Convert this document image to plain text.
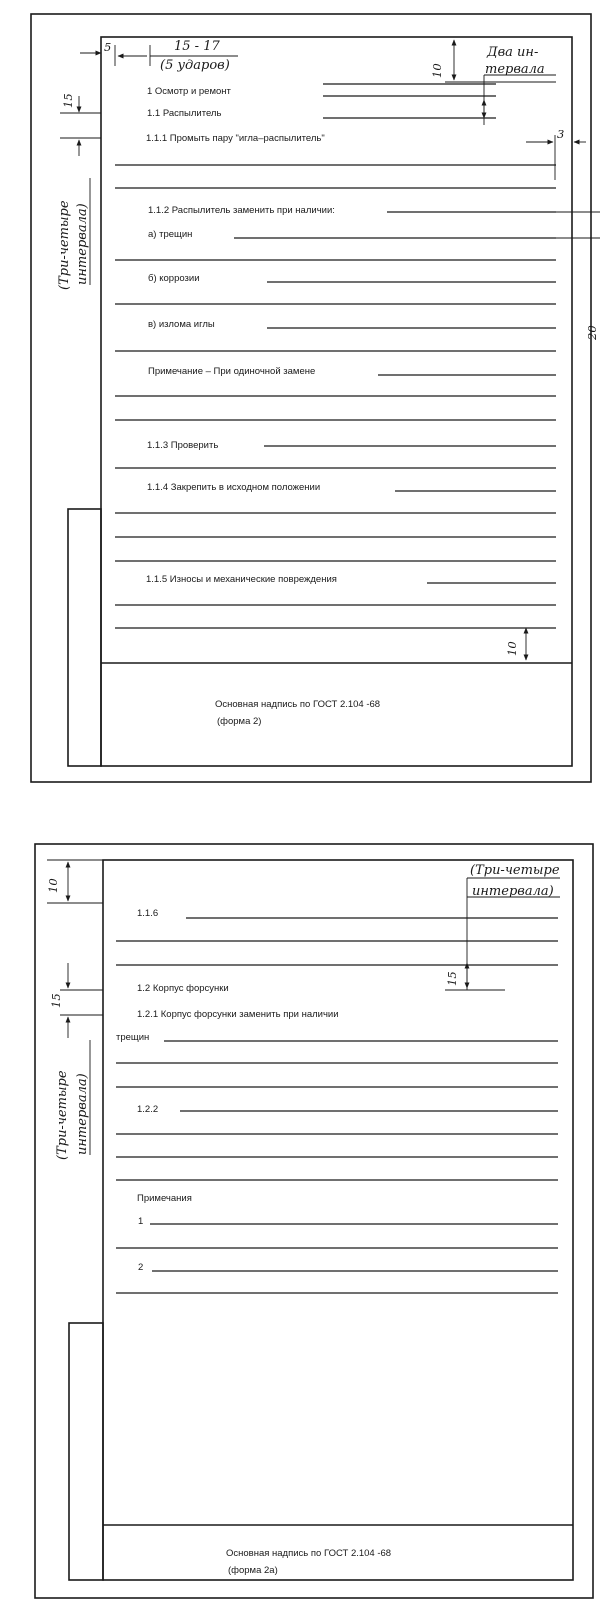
5	15 - 17
(5 ударов)	10
Два ин-
тервала
15
(Три-четыре интервала)
3
20
1 Осмотр и ремонт
1.1 Распылитель
1.1.1 Промыть пару "игла–распылитель"
1.1.2 Распылитель заменить при наличии:
а) трещин
б) коррозии
в) излома иглы
Примечание – При одиночной замене
1.1.3 Проверить
1.1.4 Закрепить в исходном положении
1.1.5 Износы и механические повреждения
10
Основная надпись по ГОСТ 2.104 -68
(форма 2)
10
(Три-четыре
интервала)
15
15
(Три-четыре интервала)
1.1.6
1.2 Корпус форсунки
1.2.1 Корпус форсунки заменить при наличии
трещин
1.2.2
Примечания
1
2
Основная надпись по ГОСТ 2.104 -68
(форма 2а)
